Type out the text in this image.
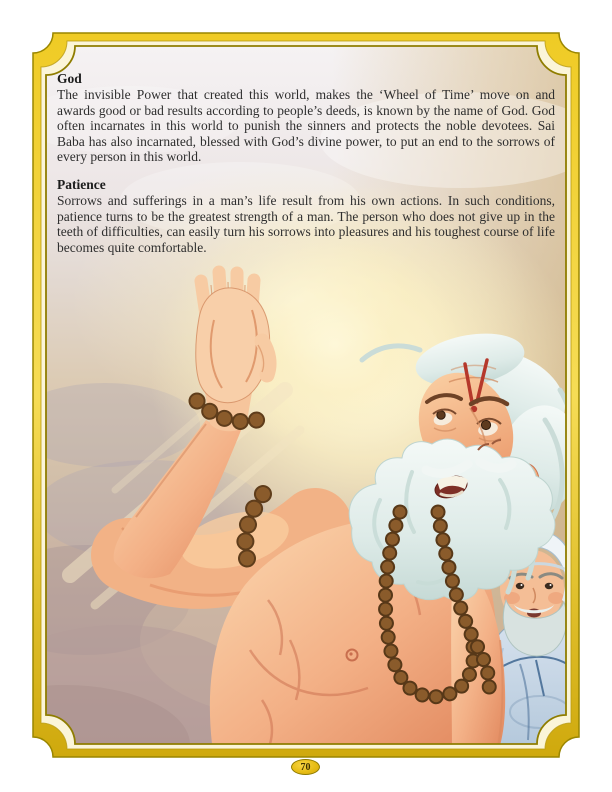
God

The invisible Power that created this world, makes the ‘Wheel of Time’ move on and awards good or bad results according to people’s deeds, is known by the name of God. God often incarnates in this world to punish the sinners and protects the noble devotees. Sai Baba has also incarnated, blessed with God’s divine power, to put an end to the sorrows of every person in this world.

Patience

Sorrows and sufferings in a man’s life result from his own actions. In such conditions, patience turns to be the greatest strength of a man. The person who does not give up in the teeth of difficulties, can easily turn his sorrows into pleasures and his toughest course of life becomes quite comfortable.

70
